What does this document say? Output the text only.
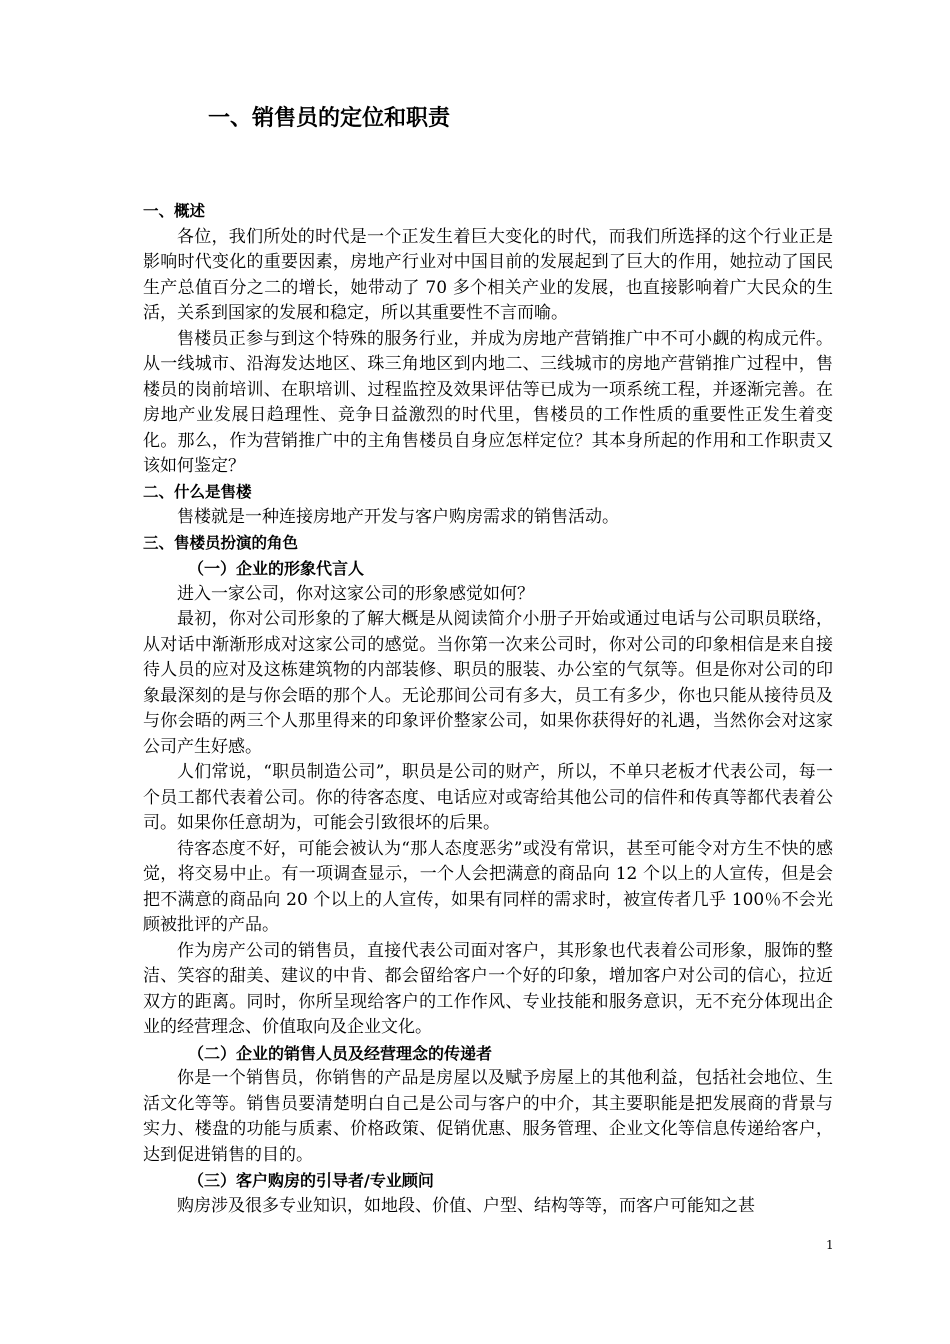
一、销售员的定位和职责

一、概述

各位，我们所处的时代是一个正发生着巨大变化的时代，而我们所选择的这个行业正是影响时代变化的重要因素，房地产行业对中国目前的发展起到了巨大的作用，她拉动了国民生产总值百分之二的增长，她带动了 70 多个相关产业的发展，也直接影响着广大民众的生活，关系到国家的发展和稳定，所以其重要性不言而喻。

售楼员正参与到这个特殊的服务行业，并成为房地产营销推广中不可小觑的构成元件。从一线城市、沿海发达地区、珠三角地区到内地二、三线城市的房地产营销推广过程中，售楼员的岗前培训、在职培训、过程监控及效果评估等已成为一项系统工程，并逐渐完善。在房地产业发展日趋理性、竞争日益激烈的时代里，售楼员的工作性质的重要性正发生着变化。那么，作为营销推广中的主角售楼员自身应怎样定位？其本身所起的作用和工作职责又该如何鉴定？

二、什么是售楼

售楼就是一种连接房地产开发与客户购房需求的销售活动。

三、售楼员扮演的角色

（一）企业的形象代言人

进入一家公司，你对这家公司的形象感觉如何？

最初，你对公司形象的了解大概是从阅读简介小册子开始或通过电话与公司职员联络，从对话中渐渐形成对这家公司的感觉。当你第一次来公司时，你对公司的印象相信是来自接待人员的应对及这栋建筑物的内部装修、职员的服装、办公室的气氛等。但是你对公司的印象最深刻的是与你会晤的那个人。无论那间公司有多大，员工有多少，你也只能从接待员及与你会晤的两三个人那里得来的印象评价整家公司，如果你获得好的礼遇，当然你会对这家公司产生好感。

人们常说，“职员制造公司”，职员是公司的财产，所以，不单只老板才代表公司，每一个员工都代表着公司。你的待客态度、电话应对或寄给其他公司的信件和传真等都代表着公司。如果你任意胡为，可能会引致很坏的后果。

待客态度不好，可能会被认为“那人态度恶劣”或没有常识，甚至可能令对方生不快的感觉，将交易中止。有一项调查显示，一个人会把满意的商品向 12 个以上的人宣传，但是会把不满意的商品向 20 个以上的人宣传，如果有同样的需求时，被宣传者几乎 100％不会光顾被批评的产品。

作为房产公司的销售员，直接代表公司面对客户，其形象也代表着公司形象，服饰的整洁、笑容的甜美、建议的中肯、都会留给客户一个好的印象，增加客户对公司的信心，拉近双方的距离。同时，你所呈现给客户的工作作风、专业技能和服务意识，无不充分体现出企业的经营理念、价值取向及企业文化。

（二）企业的销售人员及经营理念的传递者

你是一个销售员，你销售的产品是房屋以及赋予房屋上的其他利益，包括社会地位、生活文化等等。销售员要清楚明白自己是公司与客户的中介，其主要职能是把发展商的背景与实力、楼盘的功能与质素、价格政策、促销优惠、服务管理、企业文化等信息传递给客户，达到促进销售的目的。

（三）客户购房的引导者/专业顾问

购房涉及很多专业知识，如地段、价值、户型、结构等等，而客户可能知之甚

1
